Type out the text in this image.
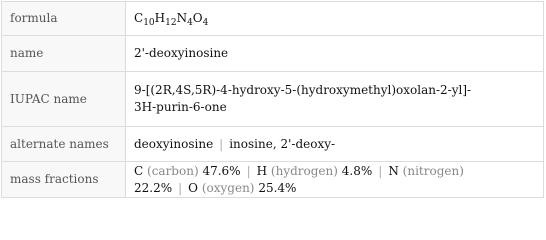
formula	$C_{10}H_{12}N_4O_4$
name	2'-deoxyinosine
IUPAC name	9-[(2R,4S,5R)-4-hydroxy-5-(hydroxymethyl)oxolan-2-yl]-
3H-purin-6-one

alternate names	deoxyinosine | inosine, 2'-deoxy-
mass fractions	C (carbon) 47.6% | H (hydrogen) 4.8% | N (nitrogen)
22.2% | O (oxygen) 25.4%
